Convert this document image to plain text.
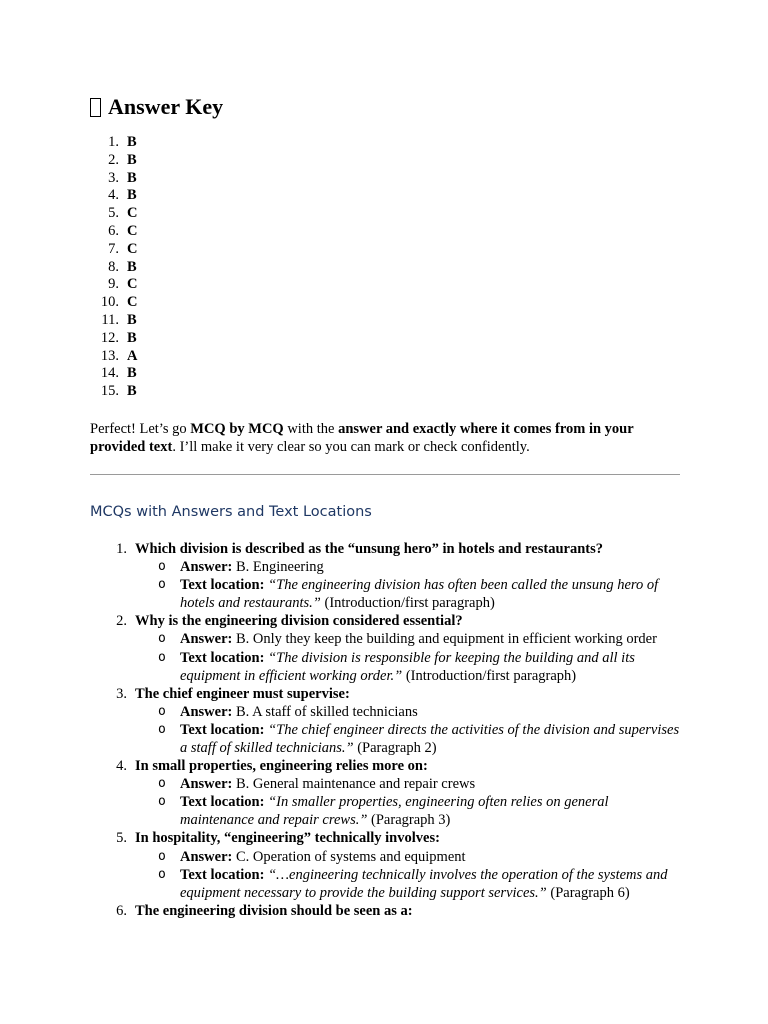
Answer Key
1. B
2. B
3. B
4. B
5. C
6. C
7. C
8. B
9. C
10. C
11. B
12. B
13. A
14. B
15. B

Perfect! Let’s go MCQ by MCQ with the answer and exactly where it comes from in your provided text. I’ll make it very clear so you can mark or check confidently.

MCQs with Answers and Text Locations
1. Which division is described as the “unsung hero” in hotels and restaurants?
o Answer: B. Engineering
o Text location: “The engineering division has often been called the unsung hero of hotels and restaurants.” (Introduction/first paragraph)
2. Why is the engineering division considered essential?
o Answer: B. Only they keep the building and equipment in efficient working order
o Text location: “The division is responsible for keeping the building and all its equipment in efficient working order.” (Introduction/first paragraph)
3. The chief engineer must supervise:
o Answer: B. A staff of skilled technicians
o Text location: “The chief engineer directs the activities of the division and supervises a staff of skilled technicians.” (Paragraph 2)
4. In small properties, engineering relies more on:
o Answer: B. General maintenance and repair crews
o Text location: “In smaller properties, engineering often relies on general maintenance and repair crews.” (Paragraph 3)
5. In hospitality, “engineering” technically involves:
o Answer: C. Operation of systems and equipment
o Text location: “…engineering technically involves the operation of the systems and equipment necessary to provide the building support services.” (Paragraph 6)
6. The engineering division should be seen as a:
